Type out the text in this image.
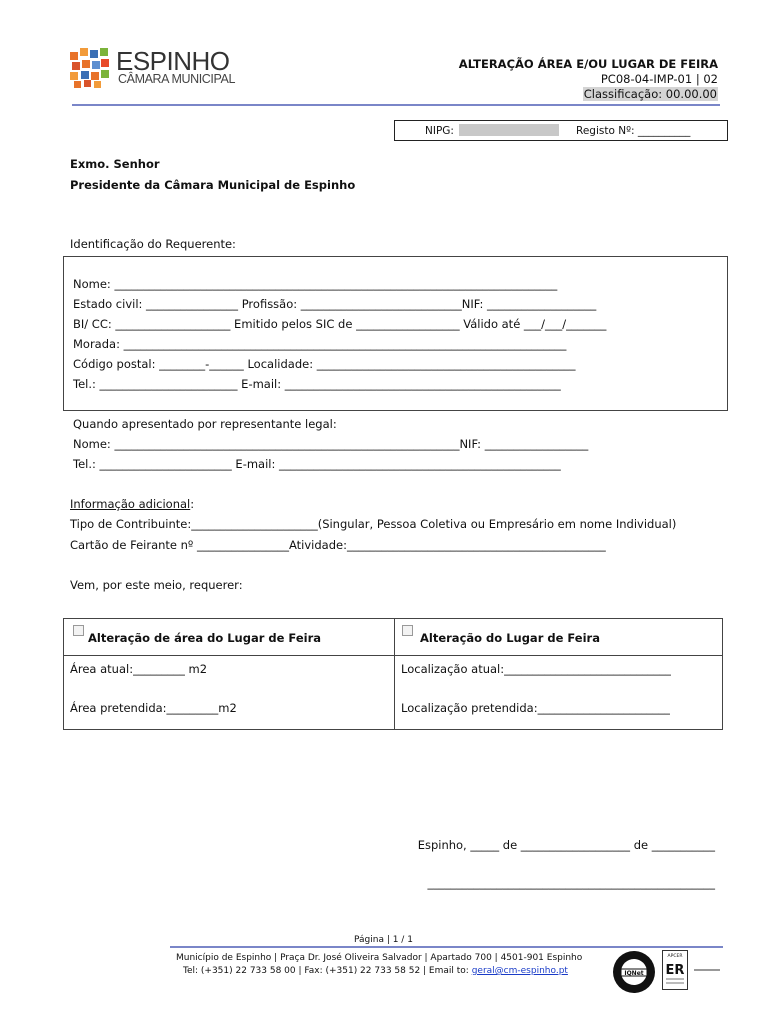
ESPINHO
CÂMARA MUNICIPAL
ALTERAÇÃO ÁREA E/OU LUGAR DE FEIRA
PC08-04-IMP-01 | 02
Classificação: 00.00.00
NIPG:	Registo Nº: __________
Exmo. Senhor
Presidente da Câmara Municipal de Espinho
Identificação do Requerente:
Nome: _____________________________________________________________________________
Estado civil: ________________ Profissão: ____________________________NIF: ___________________
BI/ CC: ____________________ Emitido pelos SIC de __________________ Válido até ___/___/_______
Morada: _____________________________________________________________________________
Código postal: ________-______ Localidade: _____________________________________________
Tel.: ________________________ E-mail: ________________________________________________
Quando apresentado por representante legal:
Nome: ____________________________________________________________NIF: __________________
Tel.: _______________________ E-mail: _________________________________________________
Informação adicional:
Tipo de Contribuinte:______________________(Singular, Pessoa Coletiva ou Empresário em nome Individual)
Cartão de Feirante nº ________________Atividade:_____________________________________________
Vem, por este meio, requerer:
Alteração de área do Lugar de Feira	Alteração do Lugar de Feira
Área atual:_________ m2
Área pretendida:_________m2
Localização atual:_____________________________
Localização pretendida:_______________________
Espinho, _____ de ___________________ de ___________
__________________________________________________
Página | 1 / 1
Município de Espinho | Praça Dr. José Oliveira Salvador | Apartado 700 | 4501-901 Espinho
Tel: (+351) 22 733 58 00 | Fax: (+351) 22 733 58 52 | Email to: geral@cm-espinho.pt	IQNet
APCER
ER
